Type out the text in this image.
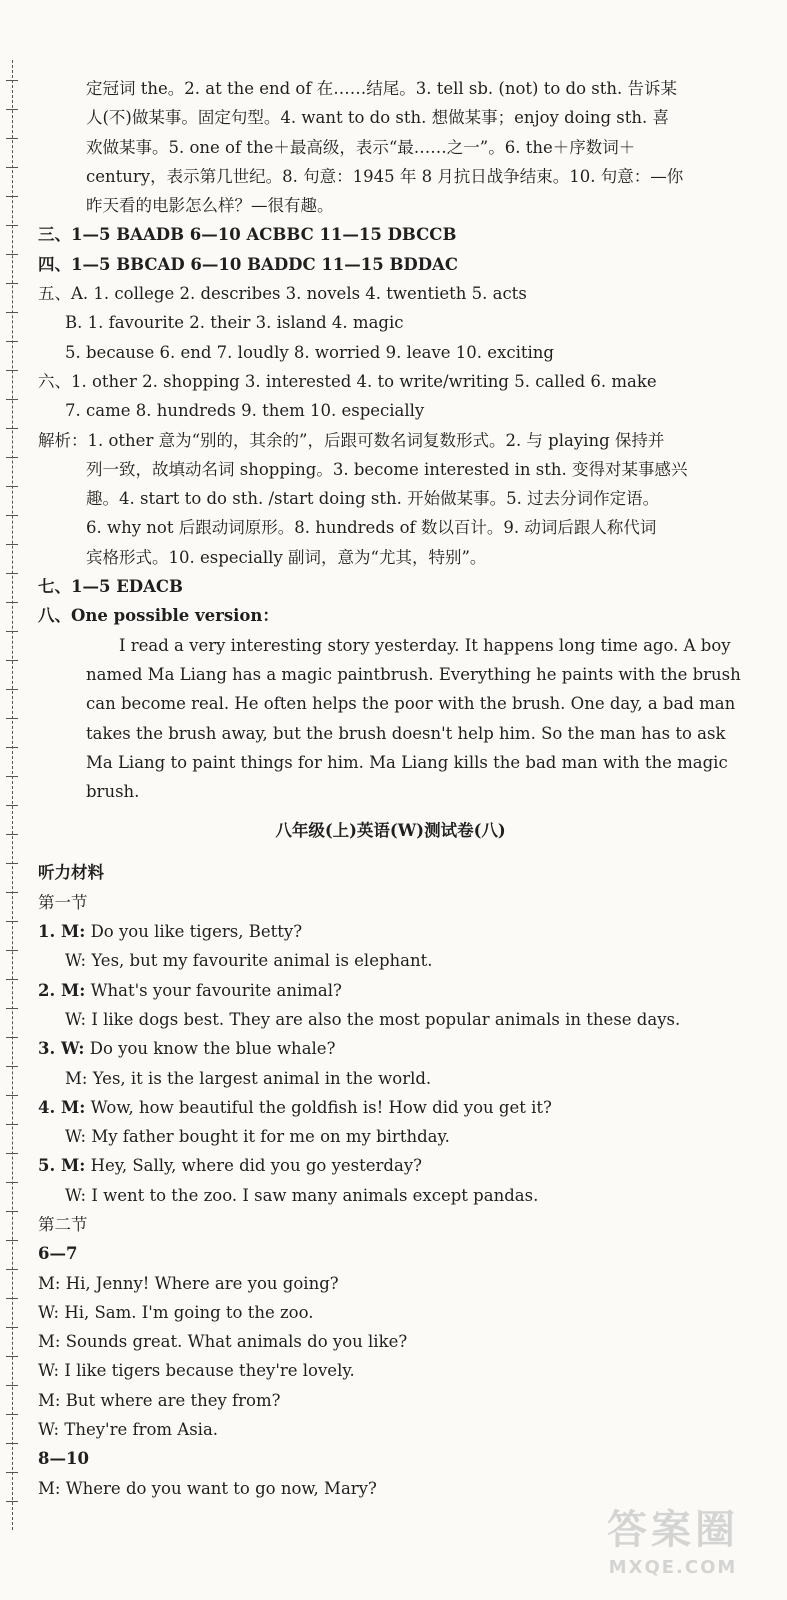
定冠词 the。2. at the end of 在……结尾。3. tell sb. (not) to do sth. 告诉某
人(不)做某事。固定句型。4. want to do sth. 想做某事；enjoy doing sth. 喜
欢做某事。5. one of the＋最高级，表示“最……之一”。6. the＋序数词＋
century，表示第几世纪。8. 句意：1945 年 8 月抗日战争结束。10. 句意：—你
昨天看的电影怎么样？—很有趣。
三、1—5 BAADB 6—10 ACBBC 11—15 DBCCB
四、1—5 BBCAD 6—10 BADDC 11—15 BDDAC
五、A. 1. college 2. describes 3. novels 4. twentieth 5. acts
B. 1. favourite 2. their 3. island 4. magic
5. because 6. end 7. loudly 8. worried 9. leave 10. exciting
六、1. other 2. shopping 3. interested 4. to write/writing 5. called 6. make
7. came 8. hundreds 9. them 10. especially
解析：1. other 意为“别的，其余的”，后跟可数名词复数形式。2. 与 playing 保持并
列一致，故填动名词 shopping。3. become interested in sth. 变得对某事感兴
趣。4. start to do sth. /start doing sth. 开始做某事。5. 过去分词作定语。
6. why not 后跟动词原形。8. hundreds of 数以百计。9. 动词后跟人称代词
宾格形式。10. especially 副词，意为“尤其，特别”。
七、1—5 EDACB
八、One possible version：
I read a very interesting story yesterday. It happens long time ago. A boy
named Ma Liang has a magic paintbrush. Everything he paints with the brush
can become real. He often helps the poor with the brush. One day, a bad man
takes the brush away, but the brush doesn't help him. So the man has to ask
Ma Liang to paint things for him. Ma Liang kills the bad man with the magic
brush.
八年级(上)英语(W)测试卷(八)
听力材料
第一节
1. M: Do you like tigers, Betty?
W: Yes, but my favourite animal is elephant.
2. M: What's your favourite animal?
W: I like dogs best. They are also the most popular animals in these days.
3. W: Do you know the blue whale?
M: Yes, it is the largest animal in the world.
4. M: Wow, how beautiful the goldfish is! How did you get it?
W: My father bought it for me on my birthday.
5. M: Hey, Sally, where did you go yesterday?
W: I went to the zoo. I saw many animals except pandas.
第二节
6—7
M: Hi, Jenny! Where are you going?
W: Hi, Sam. I'm going to the zoo.
M: Sounds great. What animals do you like?
W: I like tigers because they're lovely.
M: But where are they from?
W: They're from Asia.
8—10
M: Where do you want to go now, Mary?
答案圈
MXQE.COM
